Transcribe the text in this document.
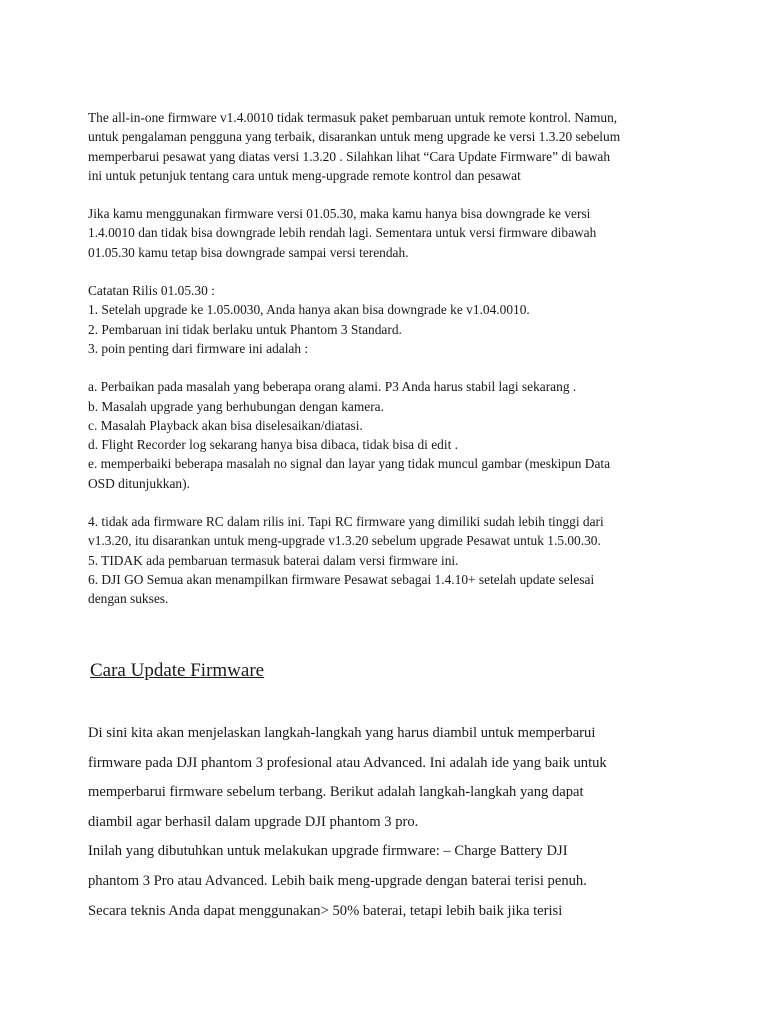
The all-in-one firmware v1.4.0010 tidak termasuk paket pembaruan untuk remote kontrol. Namun,

untuk pengalaman pengguna yang terbaik, disarankan untuk meng upgrade ke versi 1.3.20 sebelum

memperbarui pesawat yang diatas versi 1.3.20 . Silahkan lihat “Cara Update Firmware” di bawah

ini untuk petunjuk tentang cara untuk meng-upgrade remote kontrol dan pesawat

Jika kamu menggunakan firmware versi 01.05.30, maka kamu hanya bisa downgrade ke versi

1.4.0010 dan tidak bisa downgrade lebih rendah lagi. Sementara untuk versi firmware dibawah

01.05.30 kamu tetap bisa downgrade sampai versi terendah.

Catatan Rilis 01.05.30 :

1. Setelah upgrade ke 1.05.0030, Anda hanya akan bisa downgrade ke v1.04.0010.

2. Pembaruan ini tidak berlaku untuk Phantom 3 Standard.

3. poin penting dari firmware ini adalah :

a. Perbaikan pada masalah yang beberapa orang alami. P3 Anda harus stabil lagi sekarang .

b. Masalah upgrade yang berhubungan dengan kamera.

c. Masalah Playback akan bisa diselesaikan/diatasi.

d. Flight Recorder log sekarang hanya bisa dibaca, tidak bisa di edit .

e. memperbaiki beberapa masalah no signal dan layar yang tidak muncul gambar (meskipun Data

OSD ditunjukkan).

4. tidak ada firmware RC dalam rilis ini. Tapi RC firmware yang dimiliki sudah lebih tinggi dari

v1.3.20, itu disarankan untuk meng-upgrade v1.3.20 sebelum upgrade Pesawat untuk 1.5.00.30.

5. TIDAK ada pembaruan termasuk baterai dalam versi firmware ini.

6. DJI GO Semua akan menampilkan firmware Pesawat sebagai 1.4.10+ setelah update selesai

dengan sukses.

Cara Update Firmware

Di sini kita akan menjelaskan langkah-langkah yang harus diambil untuk memperbarui

firmware pada DJI phantom 3 profesional atau Advanced. Ini adalah ide yang baik untuk

memperbarui firmware sebelum terbang. Berikut adalah langkah-langkah yang dapat

diambil agar berhasil dalam upgrade DJI phantom 3 pro.

Inilah yang dibutuhkan untuk melakukan upgrade firmware: – Charge Battery DJI

phantom 3 Pro atau Advanced. Lebih baik meng-upgrade dengan baterai terisi penuh.

Secara teknis Anda dapat menggunakan> 50% baterai, tetapi lebih baik jika terisi
